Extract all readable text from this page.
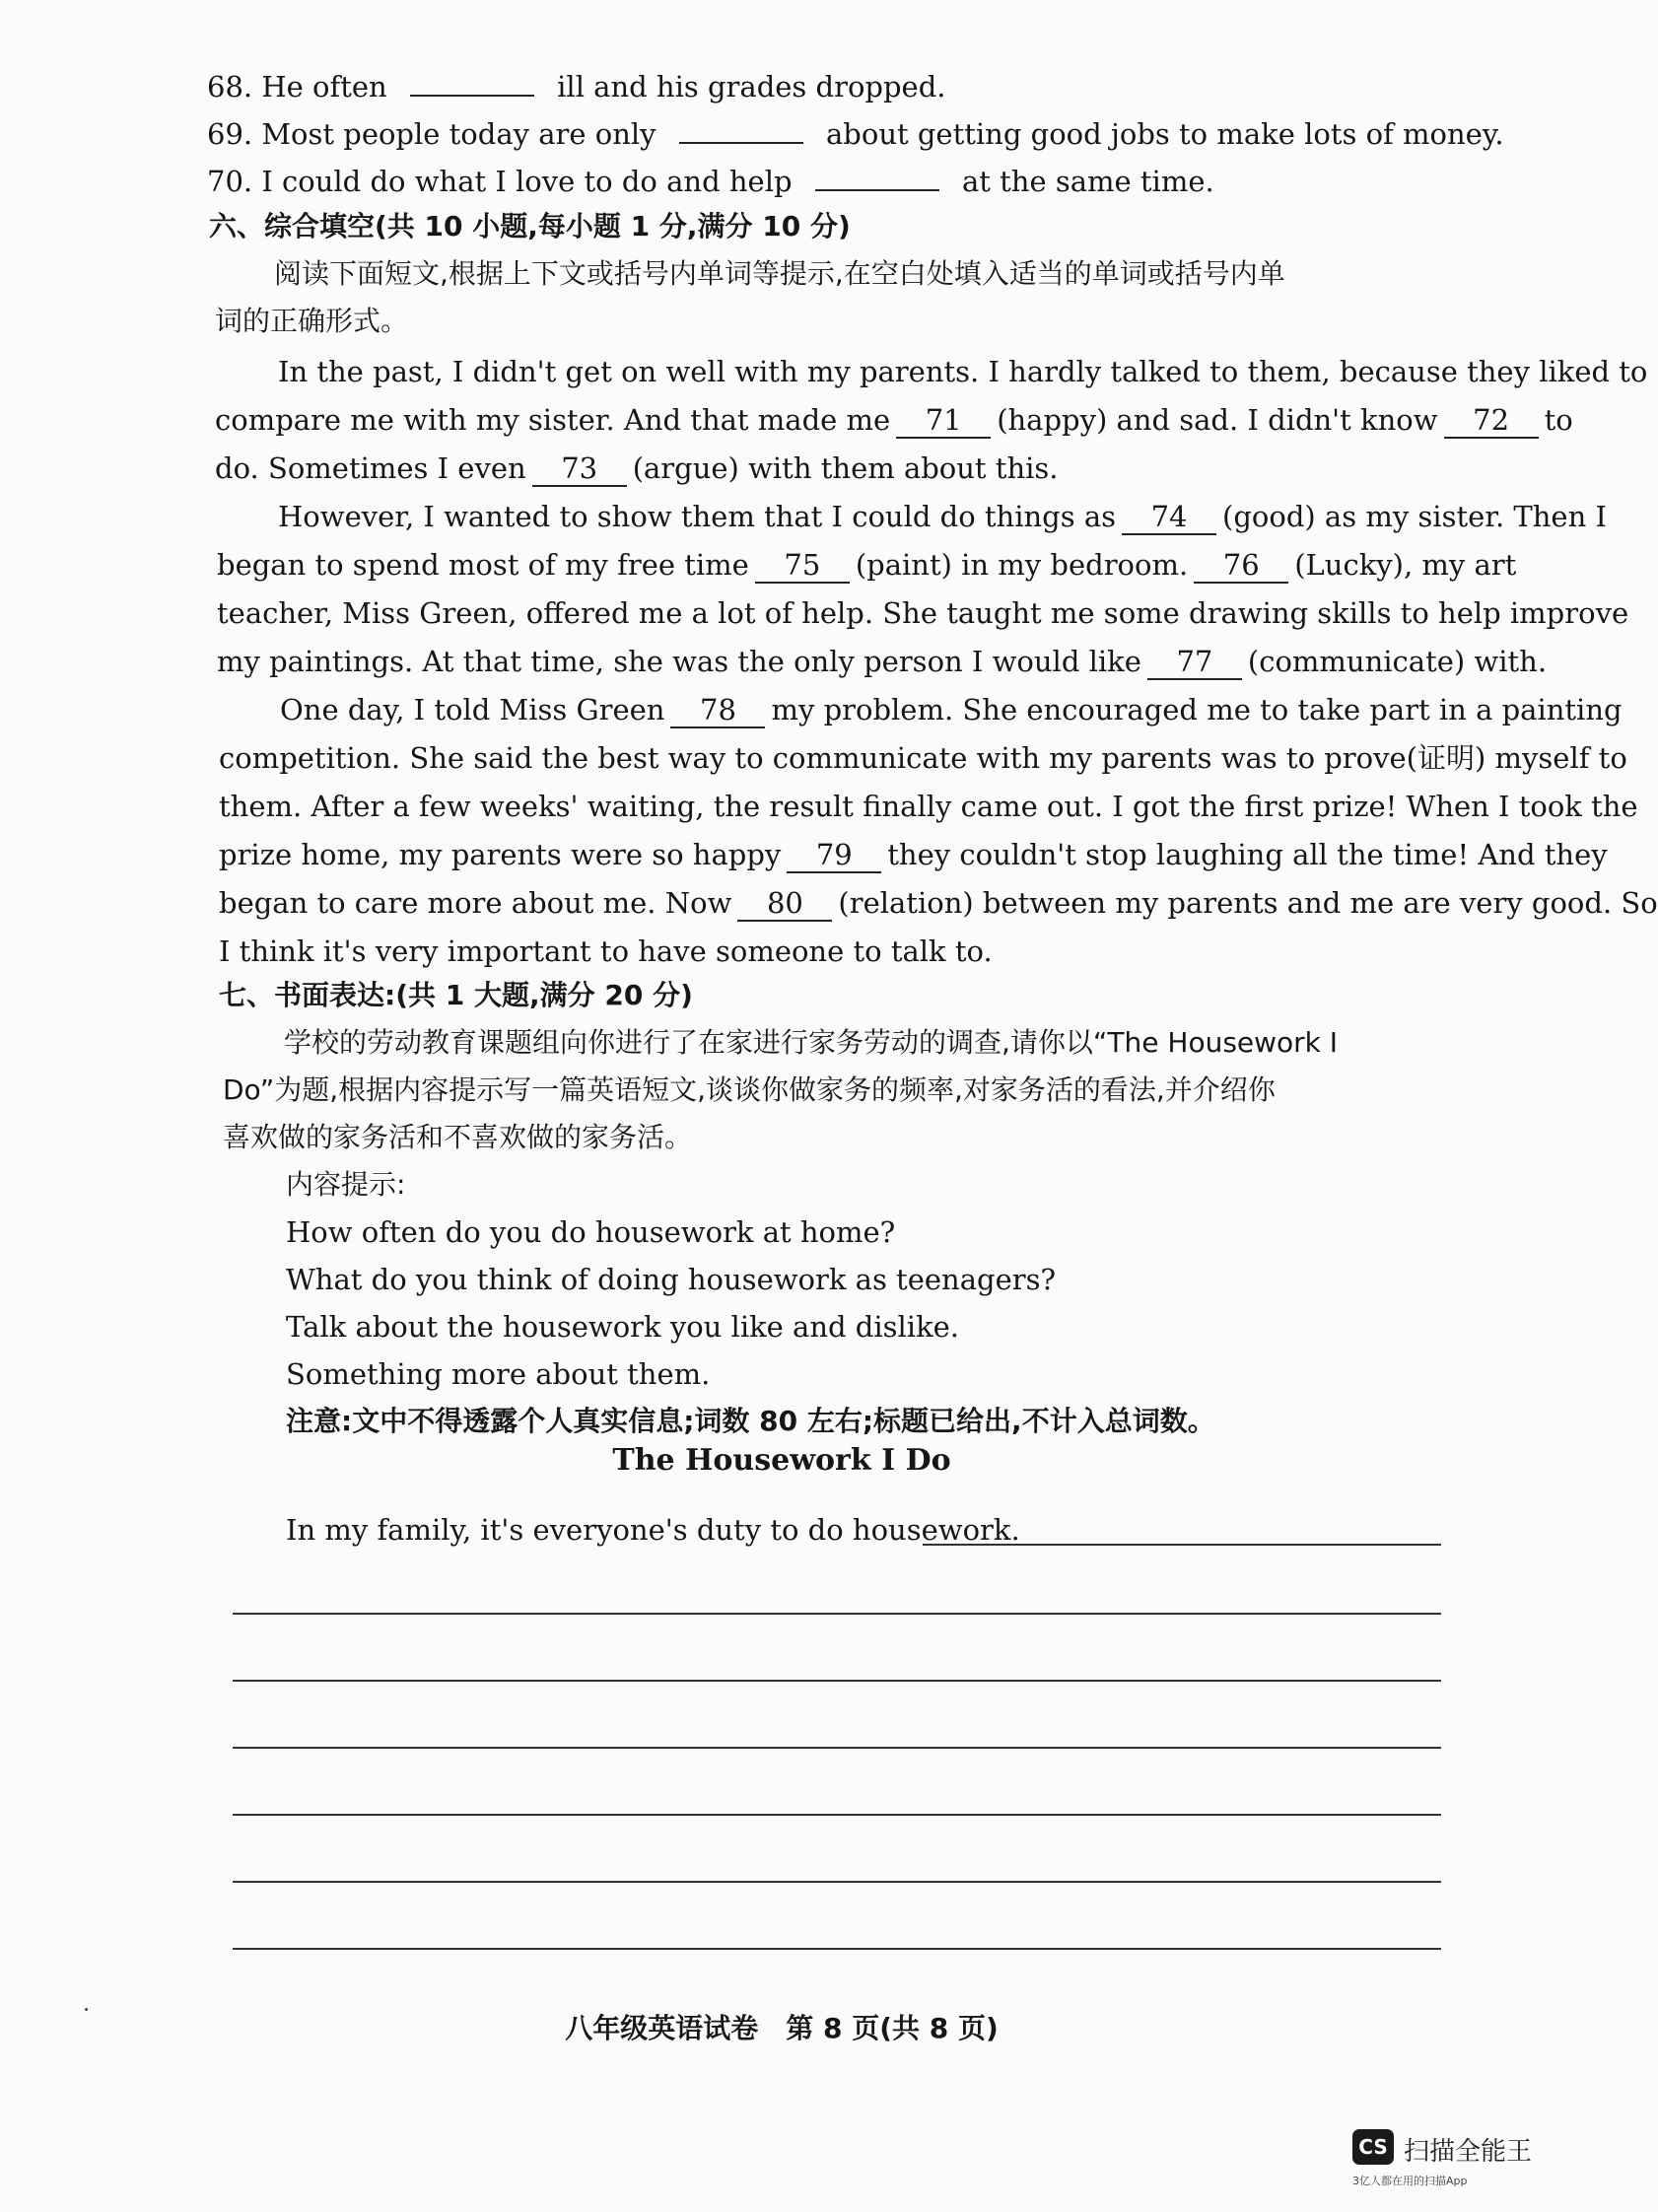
68. He often	ill and his grades dropped.
69. Most people today are only	about getting good jobs to make lots of money.
70. I could do what I love to do and help	at the same time.
六、综合填空(共 10 小题,每小题 1 分,满分 10 分)
阅读下面短文,根据上下文或括号内单词等提示,在空白处填入适当的单词或括号内单
词的正确形式。
In the past, I didn't get on well with my parents. I hardly talked to them, because they liked to
compare me with my sister. And that made me 71 (happy) and sad. I didn't know 72 to
do. Sometimes I even 73 (argue) with them about this.
However, I wanted to show them that I could do things as 74 (good) as my sister. Then I
began to spend most of my free time 75 (paint) in my bedroom. 76 (Lucky), my art
teacher, Miss Green, offered me a lot of help. She taught me some drawing skills to help improve
my paintings. At that time, she was the only person I would like 77 (communicate) with.
One day, I told Miss Green 78 my problem. She encouraged me to take part in a painting
competition. She said the best way to communicate with my parents was to prove(证明) myself to
them. After a few weeks' waiting, the result finally came out. I got the first prize! When I took the
prize home, my parents were so happy 79 they couldn't stop laughing all the time! And they
began to care more about me. Now 80 (relation) between my parents and me are very good. So
I think it's very important to have someone to talk to.
七、书面表达:(共 1 大题,满分 20 分)
学校的劳动教育课题组向你进行了在家进行家务劳动的调查,请你以“The Housework I
Do”为题,根据内容提示写一篇英语短文,谈谈你做家务的频率,对家务活的看法,并介绍你
喜欢做的家务活和不喜欢做的家务活。
内容提示:
How often do you do housework at home?
What do you think of doing housework as teenagers?
Talk about the housework you like and dislike.
Something more about them.
注意:文中不得透露个人真实信息;词数 80 左右;标题已给出,不计入总词数。
The Housework I Do
In my family, it's everyone's duty to do housework.
八年级英语试卷　第 8 页(共 8 页)
CS 扫描全能王
3亿人都在用的扫描App
